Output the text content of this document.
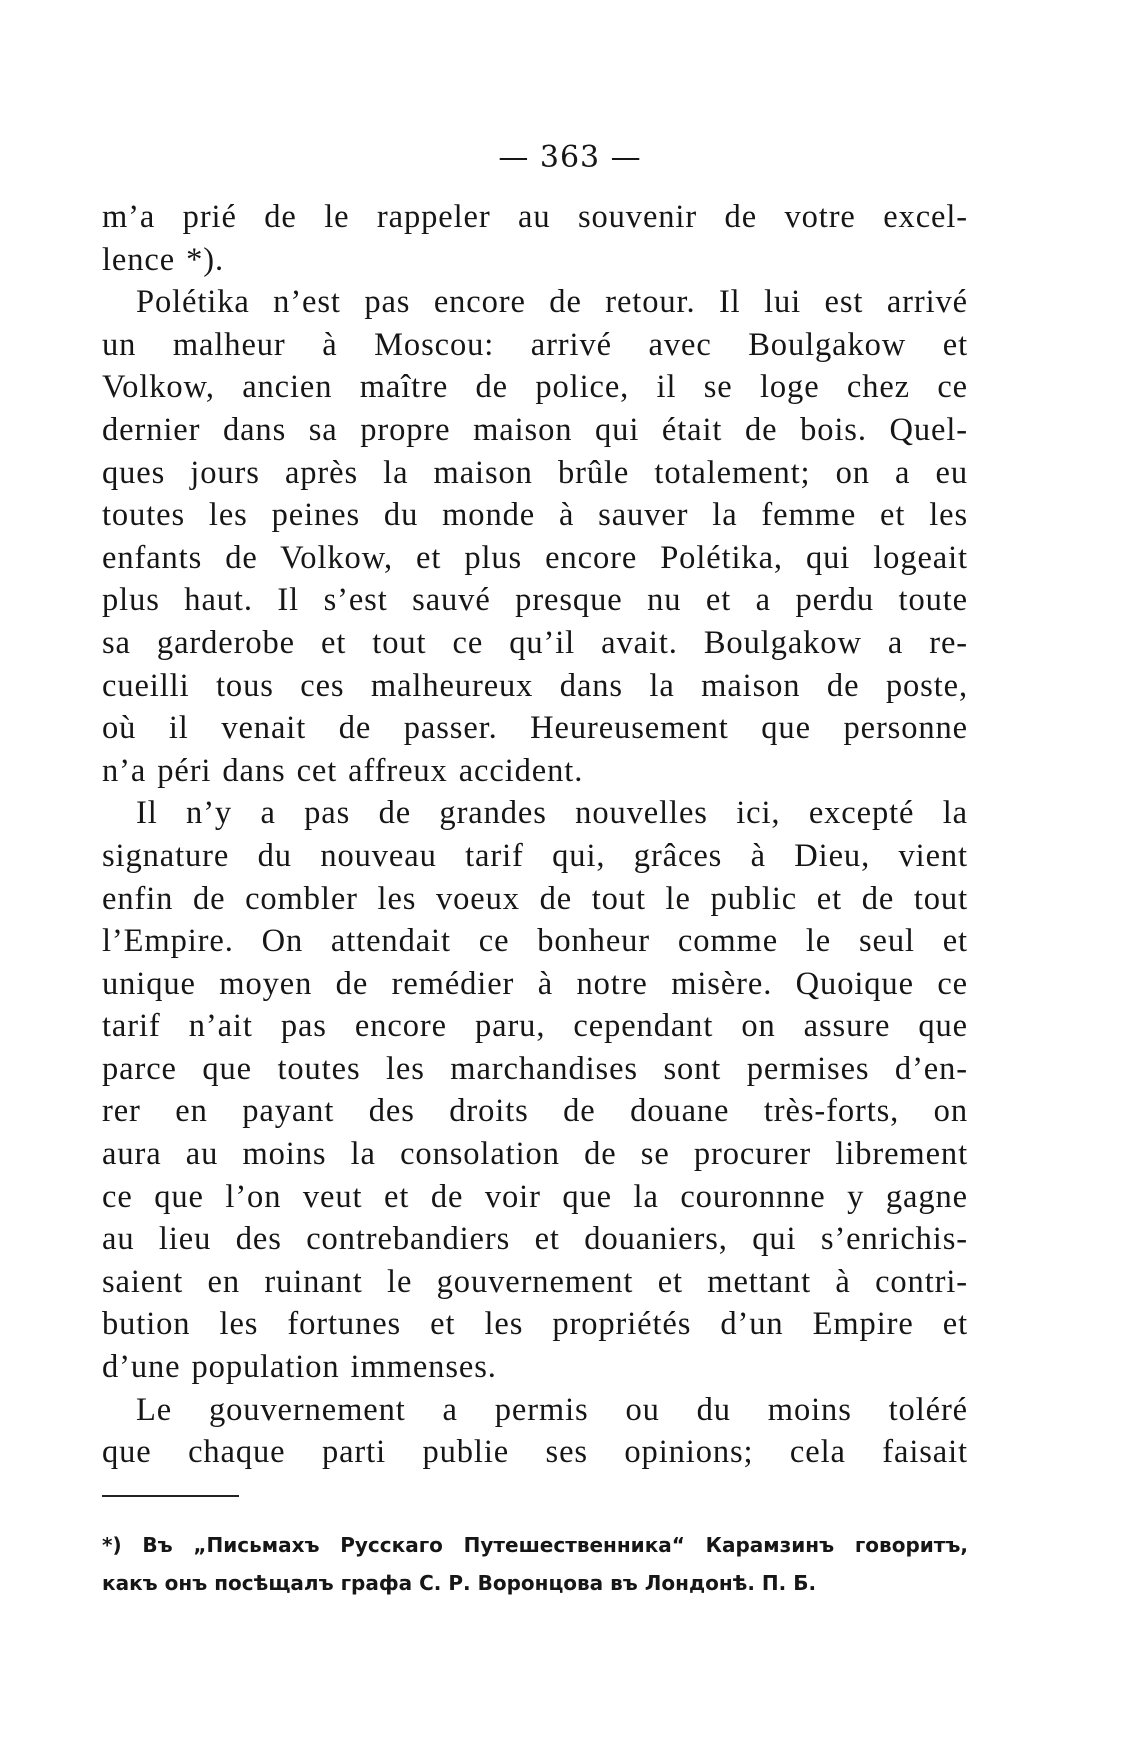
— 363 —
m’a prié de le rappeler au souvenir de votre excel-
lence *).
Polétika n’est pas encore de retour. Il lui est arrivé
un malheur à Moscou: arrivé avec Boulgakow et
Volkow, ancien maître de police, il se loge chez ce
dernier dans sa propre maison qui était de bois. Quel-
ques jours après la maison brûle totalement; on a eu
toutes les peines du monde à sauver la femme et les
enfants de Volkow, et plus encore Polétika, qui logeait
plus haut. Il s’est sauvé presque nu et a perdu toute
sa garderobe et tout ce qu’il avait. Boulgakow a re-
cueilli tous ces malheureux dans la maison de poste,
où il venait de passer. Heureusement que personne
n’a péri dans cet affreux accident.
Il n’y a pas de grandes nouvelles ici, excepté la
signature du nouveau tarif qui, grâces à Dieu, vient
enfin de combler les voeux de tout le public et de tout
l’Empire. On attendait ce bonheur comme le seul et
unique moyen de remédier à notre misère. Quoique ce
tarif n’ait pas encore paru, cependant on assure que
parce que toutes les marchandises sont permises d’en-
rer en payant des droits de douane très-forts, on
aura au moins la consolation de se procurer librement
ce que l’on veut et de voir que la couronnne y gagne
au lieu des contrebandiers et douaniers, qui s’enrichis-
saient en ruinant le gouvernement et mettant à contri-
bution les fortunes et les propriétés d’un Empire et
d’une population immenses.
Le gouvernement a permis ou du moins toléré
que chaque parti publie ses opinions; cela faisait
*) Въ „Письмахъ Русскаго Путешественника“ Карамзинъ говоритъ,
какъ онъ посѣщалъ графа С. Р. Воронцова въ Лондонѣ. П. Б.
